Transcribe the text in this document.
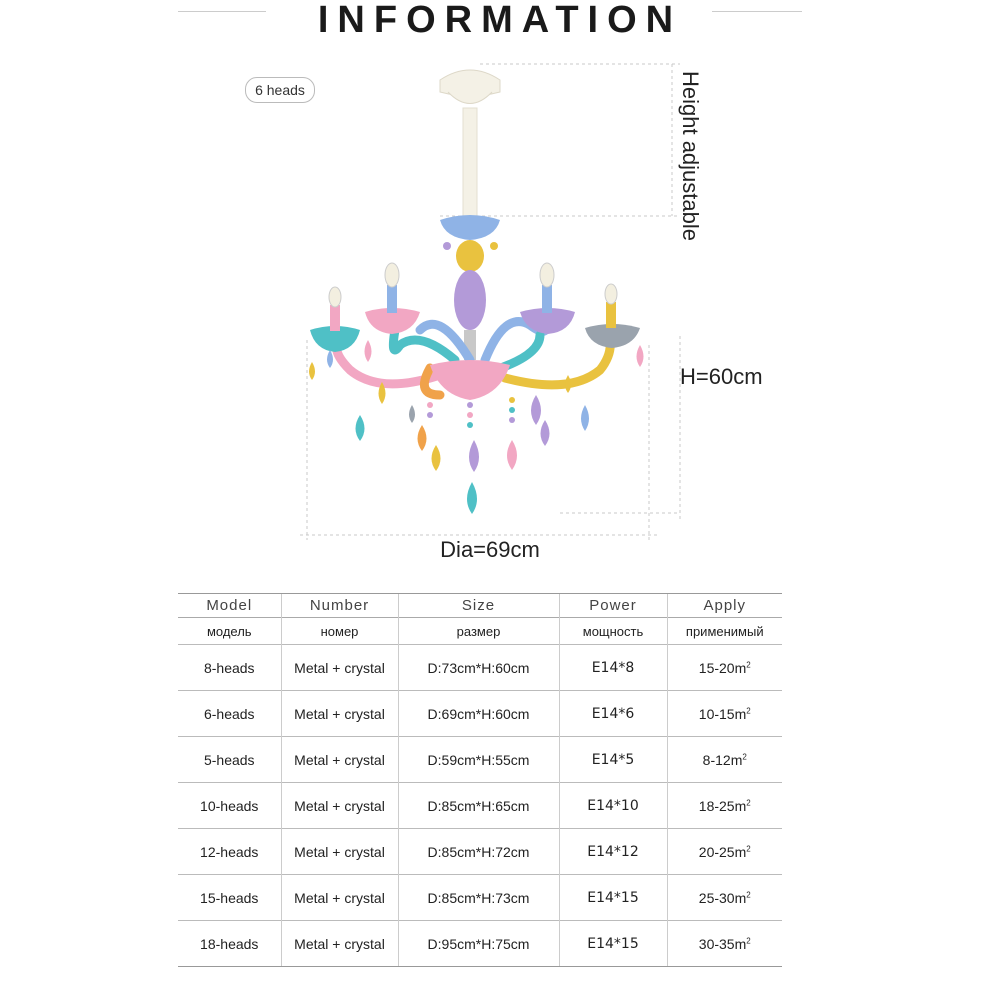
INFORMATION
6 heads	Height adjustable
H=60cm
Dia=69cm
Model	Number	Size	Power	Apply
модель	номер	размер	мощность	применимый
8-heads	Metal + crystal	D:73cm*H:60cm	E14*8	$15-20m^2$
6-heads	Metal + crystal	D:69cm*H:60cm	E14*6	$10-15m^2$
5-heads	Metal + crystal	D:59cm*H:55cm	E14*5	$8-12m^2$
10-heads	Metal + crystal	D:85cm*H:65cm	E14*10	$18-25m^2$
12-heads	Metal + crystal	D:85cm*H:72cm	E14*12	$20-25m^2$
15-heads	Metal + crystal	D:85cm*H:73cm	E14*15	$25-30m^2$
18-heads	Metal + crystal	D:95cm*H:75cm	E14*15	$30-35m^2$
